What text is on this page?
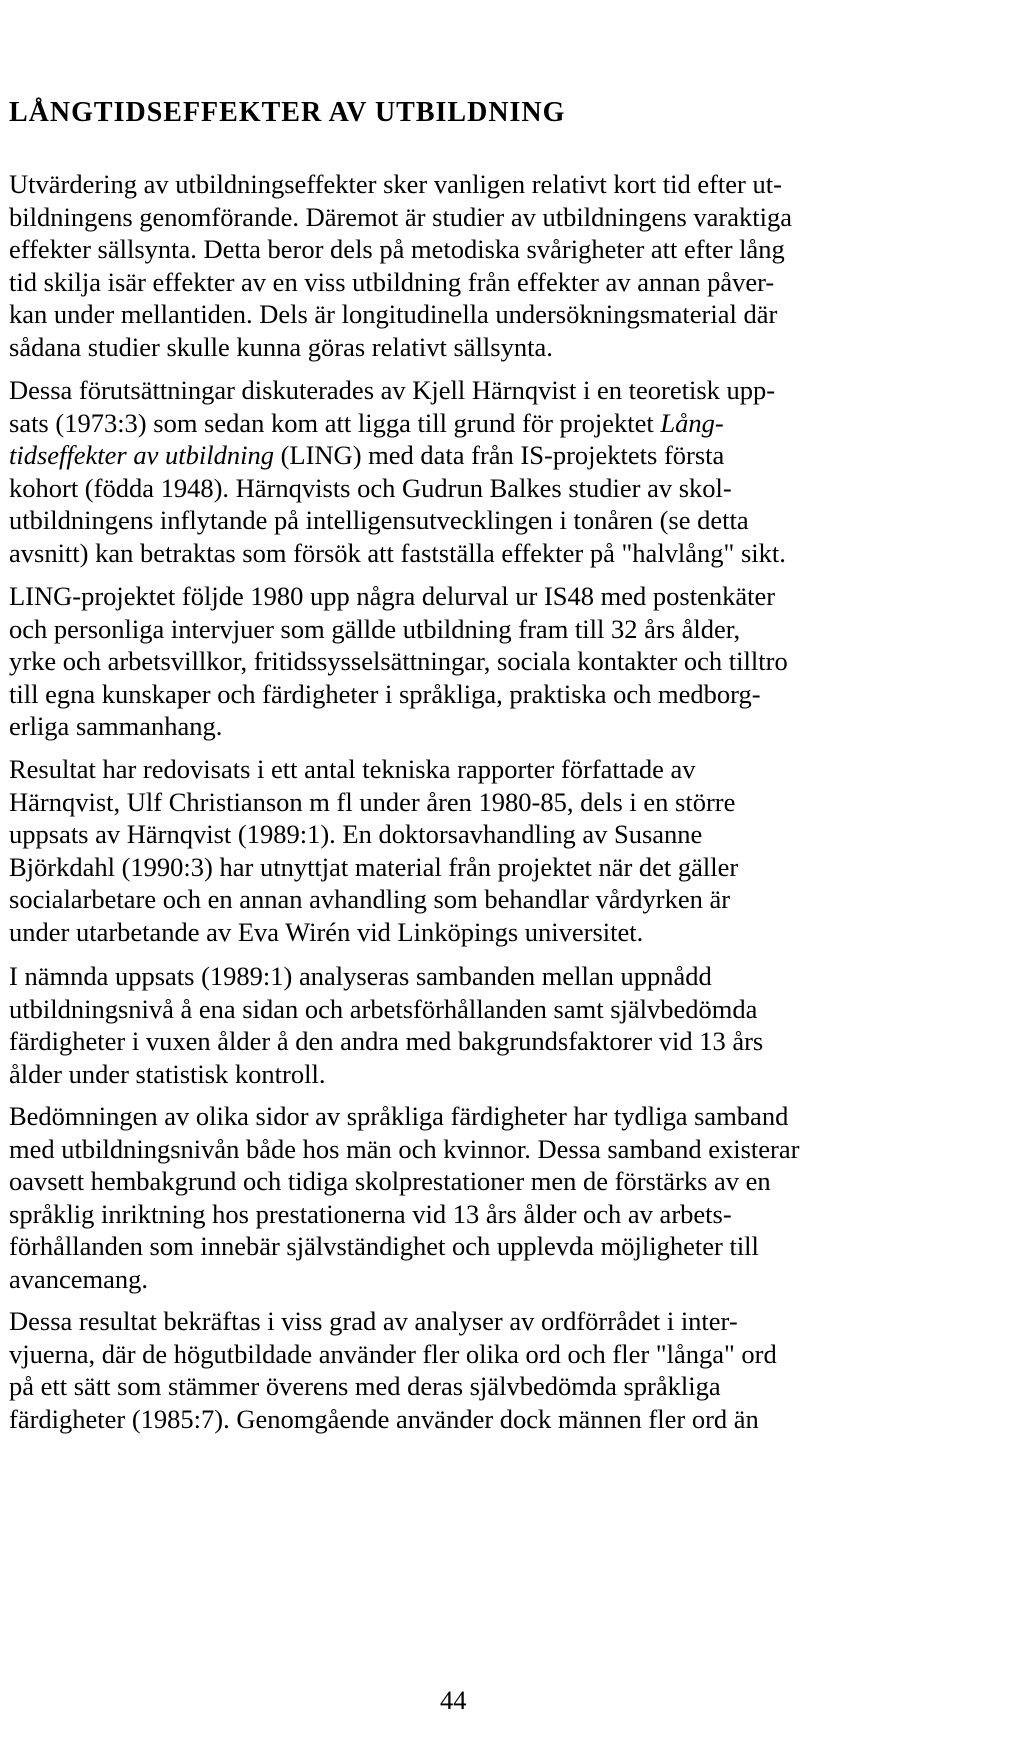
LÅNGTIDSEFFEKTER AV UTBILDNING

Utvärdering av utbildningseffekter sker vanligen relativt kort tid efter ut-
bildningens genomförande. Däremot är studier av utbildningens varaktiga
effekter sällsynta. Detta beror dels på metodiska svårigheter att efter lång
tid skilja isär effekter av en viss utbildning från effekter av annan påver-
kan under mellantiden. Dels är longitudinella undersökningsmaterial där
sådana studier skulle kunna göras relativt sällsynta.

Dessa förutsättningar diskuterades av Kjell Härnqvist i en teoretisk upp-
sats (1973:3) som sedan kom att ligga till grund för projektet Lång-
tidseffekter av utbildning (LING) med data från IS-projektets första
kohort (födda 1948). Härnqvists och Gudrun Balkes studier av skol-
utbildningens inflytande på intelligensutvecklingen i tonåren (se detta
avsnitt) kan betraktas som försök att fastställa effekter på "halvlång" sikt.

LING-projektet följde 1980 upp några delurval ur IS48 med postenkäter
och personliga intervjuer som gällde utbildning fram till 32 års ålder,
yrke och arbetsvillkor, fritidssysselsättningar, sociala kontakter och tilltro
till egna kunskaper och färdigheter i språkliga, praktiska och medborg-
erliga sammanhang.

Resultat har redovisats i ett antal tekniska rapporter författade av
Härnqvist, Ulf Christianson m fl under åren 1980-85, dels i en större
uppsats av Härnqvist (1989:1). En doktorsavhandling av Susanne
Björkdahl (1990:3) har utnyttjat material från projektet när det gäller
socialarbetare och en annan avhandling som behandlar vårdyrken är
under utarbetande av Eva Wirén vid Linköpings universitet.

I nämnda uppsats (1989:1) analyseras sambanden mellan uppnådd
utbildningsnivå å ena sidan och arbetsförhållanden samt självbedömda
färdigheter i vuxen ålder å den andra med bakgrundsfaktorer vid 13 års
ålder under statistisk kontroll.

Bedömningen av olika sidor av språkliga färdigheter har tydliga samband
med utbildningsnivån både hos män och kvinnor. Dessa samband existerar
oavsett hembakgrund och tidiga skolprestationer men de förstärks av en
språklig inriktning hos prestationerna vid 13 års ålder och av arbets-
förhållanden som innebär självständighet och upplevda möjligheter till
avancemang.

Dessa resultat bekräftas i viss grad av analyser av ordförrådet i inter-
vjuerna, där de högutbildade använder fler olika ord och fler "långa" ord
på ett sätt som stämmer överens med deras självbedömda språkliga
färdigheter (1985:7). Genomgående använder dock männen fler ord än

44
